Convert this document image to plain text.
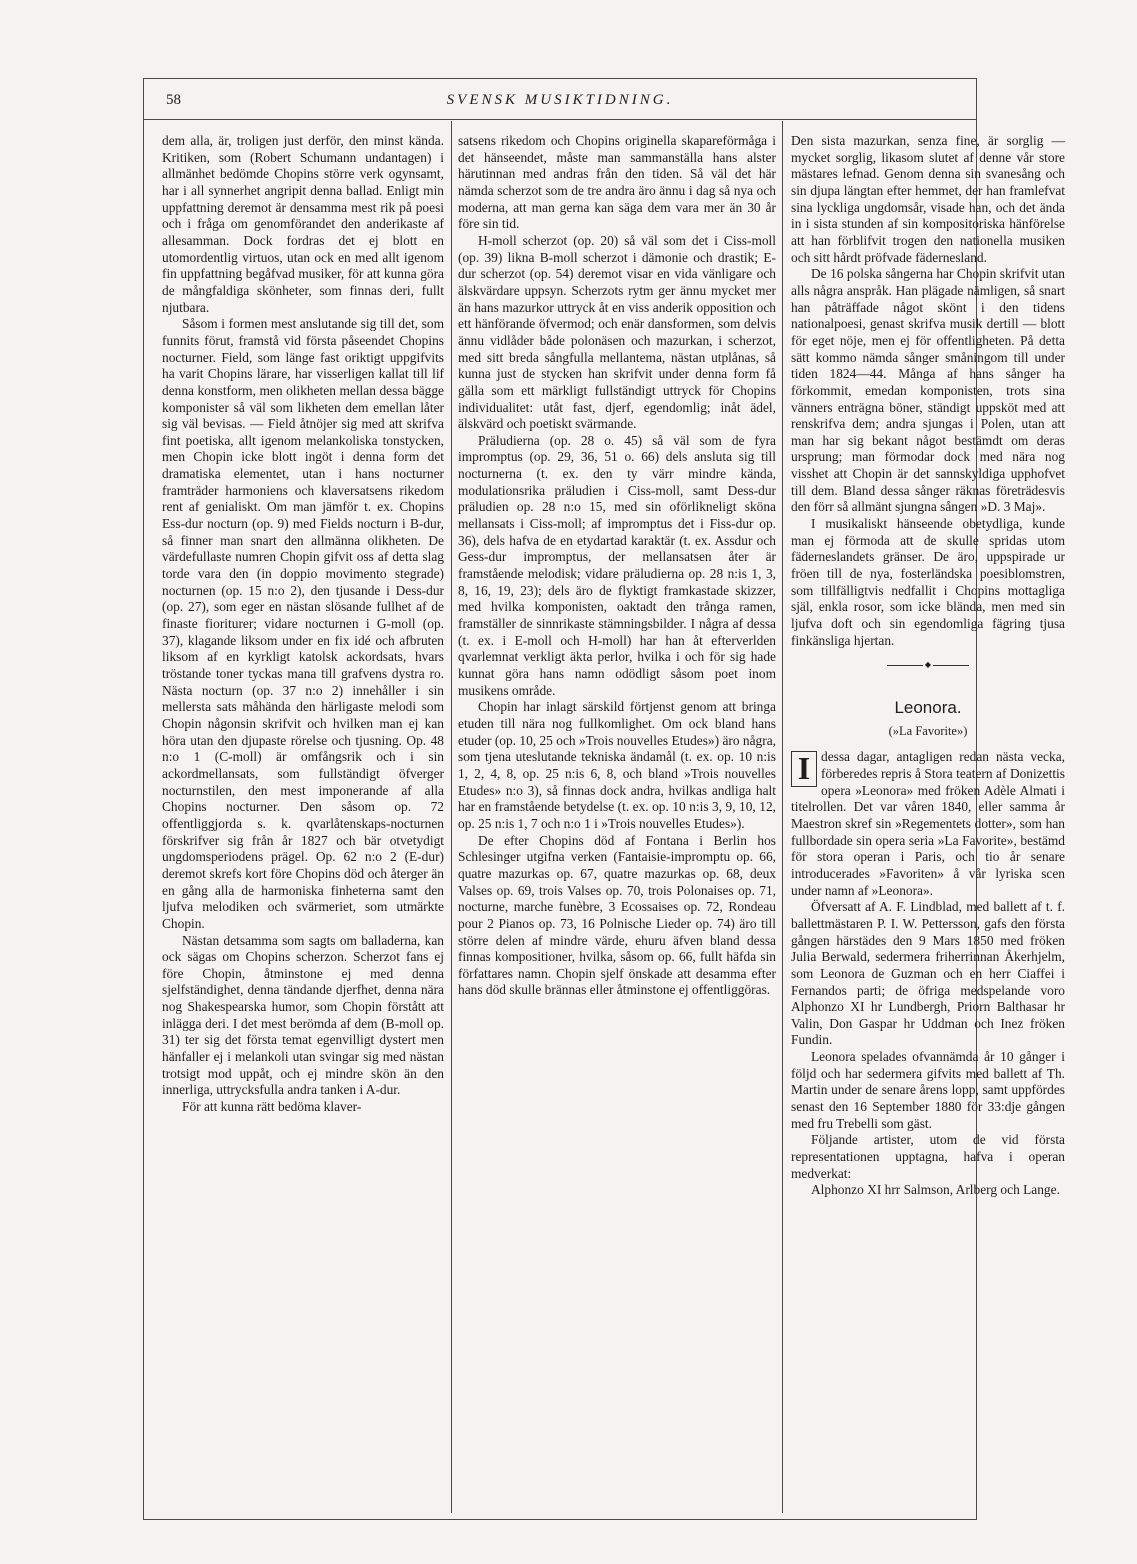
58	SVENSK MUSIKTIDNING.

dem alla, är, troligen just derför, den minst kända. Kritiken, som (Robert Schumann undantagen) i allmänhet bedömde Chopins större verk ogynsamt, har i all synnerhet angripit denna ballad. Enligt min uppfattning deremot är densamma mest rik på poesi och i fråga om genomförandet den anderikaste af allesamman. Dock fordras det ej blott en utomordentlig virtuos, utan ock en med allt igenom fin uppfattning begåfvad musiker, för att kunna göra de mångfaldiga skönheter, som finnas deri, fullt njutbara.

Såsom i formen mest anslutande sig till det, som funnits förut, framstå vid första påseendet Chopins nocturner. Field, som länge fast oriktigt uppgifvits ha varit Chopins lärare, har visserligen kallat till lif denna konstform, men olikheten mellan dessa bägge komponister så väl som likheten dem emellan låter sig väl bevisas. — Field åtnöjer sig med att skrifva fint poetiska, allt igenom melankoliska tonstycken, men Chopin icke blott ingöt i denna form det dramatiska elementet, utan i hans nocturner framträder harmoniens och klaversatsens rikedom rent af genialiskt. Om man jämför t. ex. Chopins Ess-dur nocturn (op. 9) med Fields nocturn i B-dur, så finner man snart den allmänna olikheten. De värdefullaste numren Chopin gifvit oss af detta slag torde vara den (in doppio movimento stegrade) nocturnen (op. 15 n:o 2), den tjusande i Dess-dur (op. 27), som eger en nästan slösande fullhet af de finaste fioriturer; vidare nocturnen i G-moll (op. 37), klagande liksom under en fix idé och afbruten liksom af en kyrkligt katolsk ackordsats, hvars tröstande toner tyckas mana till grafvens dystra ro. Nästa nocturn (op. 37 n:o 2) innehåller i sin mellersta sats måhända den härligaste melodi som Chopin någonsin skrifvit och hvilken man ej kan höra utan den djupaste rörelse och tjusning. Op. 48 n:o 1 (C-moll) är omfångsrik och i sin ackordmellansats, som fullständigt öfverger nocturnstilen, den mest imponerande af alla Chopins nocturner. Den såsom op. 72 offentliggjorda s. k. qvarlåtenskaps-nocturnen förskrifver sig från år 1827 och bär otvetydigt ungdomsperiodens prägel. Op. 62 n:o 2 (E-dur) deremot skrefs kort före Chopins död och återger än en gång alla de harmoniska finheterna samt den ljufva melodiken och svärmeriet, som utmärkte Chopin.

Nästan detsamma som sagts om balladerna, kan ock sägas om Chopins scherzon. Scherzot fans ej före Chopin, åtminstone ej med denna sjelfständighet, denna tändande djerfhet, denna nära nog Shakespearska humor, som Chopin förstått att inlägga deri. I det mest berömda af dem (B-moll op. 31) ter sig det första temat egenvilligt dystert men hänfaller ej i melankoli utan svingar sig med nästan trotsigt mod uppåt, och ej mindre skön än den innerliga, uttrycksfulla andra tanken i A-dur.

För att kunna rätt bedöma klaver-

satsens rikedom och Chopins originella skapareförmåga i det hänseendet, måste man sammanställa hans alster härutinnan med andras från den tiden. Så väl det här nämda scherzot som de tre andra äro ännu i dag så nya och moderna, att man gerna kan säga dem vara mer än 30 år före sin tid.

H-moll scherzot (op. 20) så väl som det i Ciss-moll (op. 39) likna B-moll scherzot i dämonie och drastik; E-dur scherzot (op. 54) deremot visar en vida vänligare och älskvärdare uppsyn. Scherzots rytm ger ännu mycket mer än hans mazurkor uttryck åt en viss anderik opposition och ett hänförande öfvermod; och enär dansformen, som delvis ännu vidlåder både polonäsen och mazurkan, i scherzot, med sitt breda sångfulla mellantema, nästan utplånas, så kunna just de stycken han skrifvit under denna form få gälla som ett märkligt fullständigt uttryck för Chopins individualitet: utåt fast, djerf, egendomlig; inåt ädel, älskvärd och poetiskt svärmande.

Präludierna (op. 28 o. 45) så väl som de fyra impromptus (op. 29, 36, 51 o. 66) dels ansluta sig till nocturnerna (t. ex. den ty värr mindre kända, modulationsrika präludien i Ciss-moll, samt Dess-dur präludien op. 28 n:o 15, med sin oförlikneligt sköna mellansats i Ciss-moll; af impromptus det i Fiss-dur op. 36), dels hafva de en etydartad karaktär (t. ex. Assdur och Gess-dur impromptus, der mellansatsen åter är framstående melodisk; vidare präludierna op. 28 n:is 1, 3, 8, 16, 19, 23); dels äro de flyktigt framkastade skizzer, med hvilka komponisten, oaktadt den trånga ramen, framställer de sinnrikaste stämningsbilder. I några af dessa (t. ex. i E-moll och H-moll) har han åt efterverlden qvarlemnat verkligt äkta perlor, hvilka i och för sig hade kunnat göra hans namn odödligt såsom poet inom musikens område.

Chopin har inlagt särskild förtjenst genom att bringa etuden till nära nog fullkomlighet. Om ock bland hans etuder (op. 10, 25 och »Trois nouvelles Etudes») äro några, som tjena uteslutande tekniska ändamål (t. ex. op. 10 n:is 1, 2, 4, 8, op. 25 n:is 6, 8, och bland »Trois nouvelles Etudes» n:o 3), så finnas dock andra, hvilkas andliga halt har en framstående betydelse (t. ex. op. 10 n:is 3, 9, 10, 12, op. 25 n:is 1, 7 och n:o 1 i »Trois nouvelles Etudes»).

De efter Chopins död af Fontana i Berlin hos Schlesinger utgifna verken (Fantaisie-impromptu op. 66, quatre mazurkas op. 67, quatre mazurkas op. 68, deux Valses op. 69, trois Valses op. 70, trois Polonaises op. 71, nocturne, marche funèbre, 3 Ecossaises op. 72, Rondeau pour 2 Pianos op. 73, 16 Polnische Lieder op. 74) äro till större delen af mindre värde, ehuru äfven bland dessa finnas kompositioner, hvilka, såsom op. 66, fullt häfda sin författares namn. Chopin sjelf önskade att desamma efter hans död skulle brännas eller åtminstone ej offentliggöras.

Den sista mazurkan, senza fine, är sorglig — mycket sorglig, likasom slutet af denne vår store mästares lefnad. Genom denna sin svanesång och sin djupa längtan efter hemmet, der han framlefvat sina lyckliga ungdomsår, visade han, och det ända in i sista stunden af sin kompositoriska hänförelse att han förblifvit trogen den nationella musiken och sitt hårdt pröfvade fädernesland.

De 16 polska sångerna har Chopin skrifvit utan alls några anspråk. Han plägade nämligen, så snart han påträffade något skönt i den tidens nationalpoesi, genast skrifva musik dertill — blott för eget nöje, men ej för offentligheten. På detta sätt kommo nämda sånger småningom till under tiden 1824—44. Många af hans sånger ha förkommit, emedan komponisten, trots sina vänners enträgna böner, ständigt uppsköt med att renskrifva dem; andra sjungas i Polen, utan att man har sig bekant något bestämdt om deras ursprung; man förmodar dock med nära nog visshet att Chopin är det sannskyldiga upphofvet till dem. Bland dessa sånger räknas företrädesvis den förr så allmänt sjungna sången »D. 3 Maj».

I musikaliskt hänseende obetydliga, kunde man ej förmoda att de skulle spridas utom fäderneslandets gränser. De äro, uppspirade ur fröen till de nya, fosterländska poesiblomstren, som tillfälligtvis nedfallit i Chopins mottagliga själ, enkla rosor, som icke blända, men med sin ljufva doft och sin egendomliga fägring tjusa finkänsliga hjertan.

◆
Leonora.
(»La Favorite»)

I dessa dagar, antagligen redan nästa vecka, förberedes repris å Stora teatern af Donizettis opera »Leonora» med fröken Adèle Almati i titelrollen. Det var våren 1840, eller samma år Maestron skref sin »Regementets dotter», som han fullbordade sin opera seria »La Favorite», bestämd för stora operan i Paris, och tio år senare introducerades »Favoriten» å vår lyriska scen under namn af »Leonora».

Öfversatt af A. F. Lindblad, med ballett af t. f. ballettmästaren P. I. W. Pettersson, gafs den första gången härstädes den 9 Mars 1850 med fröken Julia Berwald, sedermera friherrinnan Åkerhjelm, som Leonora de Guzman och en herr Ciaffei i Fernandos parti; de öfriga medspelande voro Alphonzo XI hr Lundbergh, Priorn Balthasar hr Valin, Don Gaspar hr Uddman och Inez fröken Fundin.

Leonora spelades ofvannämda år 10 gånger i följd och har sedermera gifvits med ballett af Th. Martin under de senare årens lopp, samt uppfördes senast den 16 September 1880 för 33:dje gången med fru Trebelli som gäst.

Följande artister, utom de vid första representationen upptagna, hafva i operan medverkat:

Alphonzo XI hrr Salmson, Arlberg och Lange.
